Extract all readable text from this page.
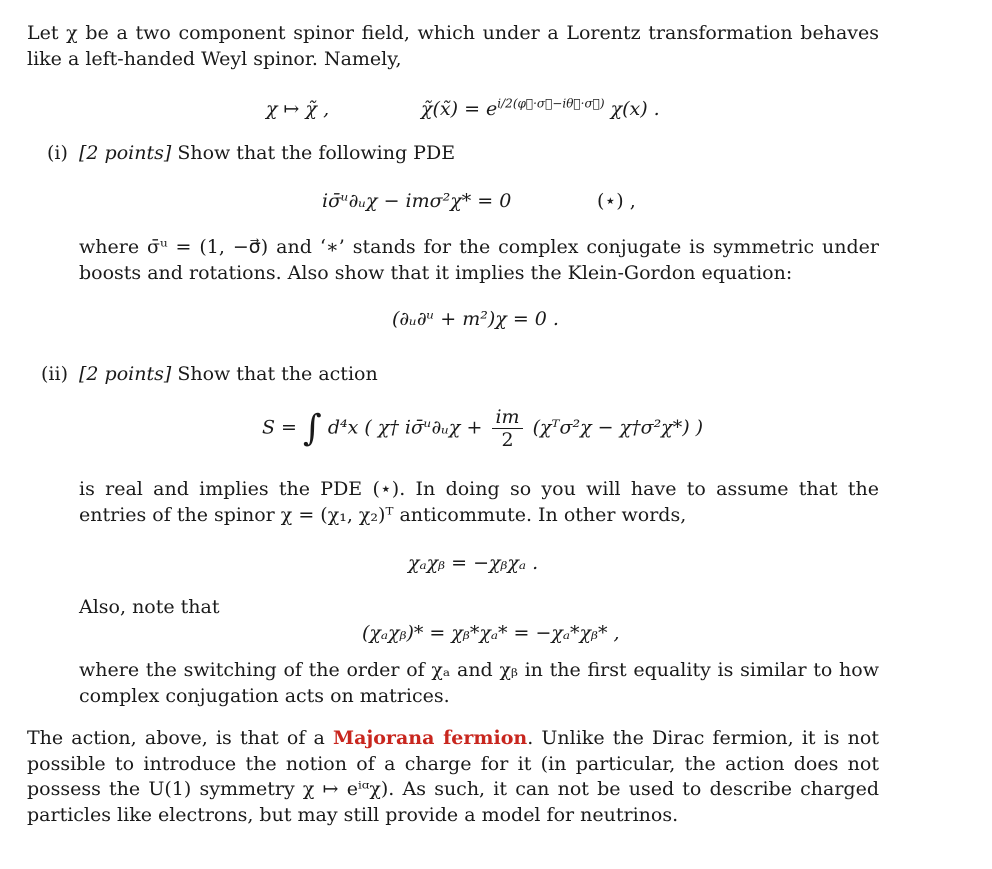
Let χ be a two component spinor field, which under a Lorentz transformation behaves like a left-handed Weyl spinor. Namely,
χ ↦ χ̃ ,	χ̃(x̃) = $e^{i/2(\varphi⃗\cdot\sigma⃗-i\theta⃗\cdot\sigma⃗)}$ χ(x) .
(i) [2 points] Show that the following PDE
iσ̄ᵘ∂ᵤχ − imσ²χ* = 0	(⋆) ,
where σ̄ᵘ = (1, −σ⃗) and ‘∗’ stands for the complex conjugate is symmetric under boosts and rotations. Also show that it implies the Klein-Gordon equation:
(∂ᵤ∂ᵘ + m²)χ = 0 .
(ii) [2 points] Show that the action
S = ∫ d⁴x ( χ† iσ̄ᵘ∂ᵤχ + $\frac{im}{2}$ (χᵀσ²χ − χ†σ²χ*) )
is real and implies the PDE (⋆). In doing so you will have to assume that the entries of the spinor χ = (χ₁, χ₂)ᵀ anticommute. In other words,
χₐχᵦ = −χᵦχₐ .
Also, note that
(χₐχᵦ)* = χᵦ*χₐ* = −χₐ*χᵦ* ,
where the switching of the order of χₐ and χᵦ in the first equality is similar to how complex conjugation acts on matrices.
The action, above, is that of a Majorana fermion. Unlike the Dirac fermion, it is not possible to introduce the notion of a charge for it (in particular, the action does not possess the U(1) symmetry χ ↦ eⁱᵅχ). As such, it can not be used to describe charged particles like electrons, but may still provide a model for neutrinos.
